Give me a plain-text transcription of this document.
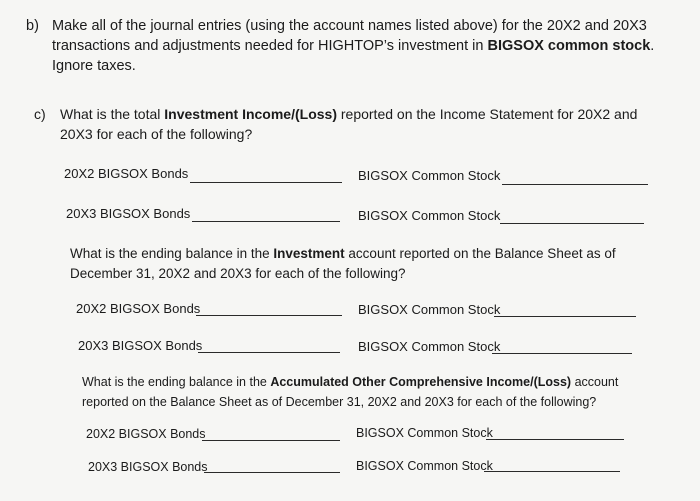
b) Make all of the journal entries (using the account names listed above) for the 20X2 and 20X3
transactions and adjustments needed for HIGHTOP’s investment in BIGSOX common stock.
Ignore taxes.
c) What is the total Investment Income/(Loss) reported on the Income Statement for 20X2 and
20X3 for each of the following?
20X2 BIGSOX Bonds	BIGSOX Common Stock
20X3 BIGSOX Bonds	BIGSOX Common Stock
What is the ending balance in the Investment account reported on the Balance Sheet as of
December 31, 20X2 and 20X3 for each of the following?
20X2 BIGSOX Bonds	BIGSOX Common Stock
20X3 BIGSOX Bonds	BIGSOX Common Stock
What is the ending balance in the Accumulated Other Comprehensive Income/(Loss) account
reported on the Balance Sheet as of December 31, 20X2 and 20X3 for each of the following?
20X2 BIGSOX Bonds	BIGSOX Common Stock
20X3 BIGSOX Bonds	BIGSOX Common Stock
